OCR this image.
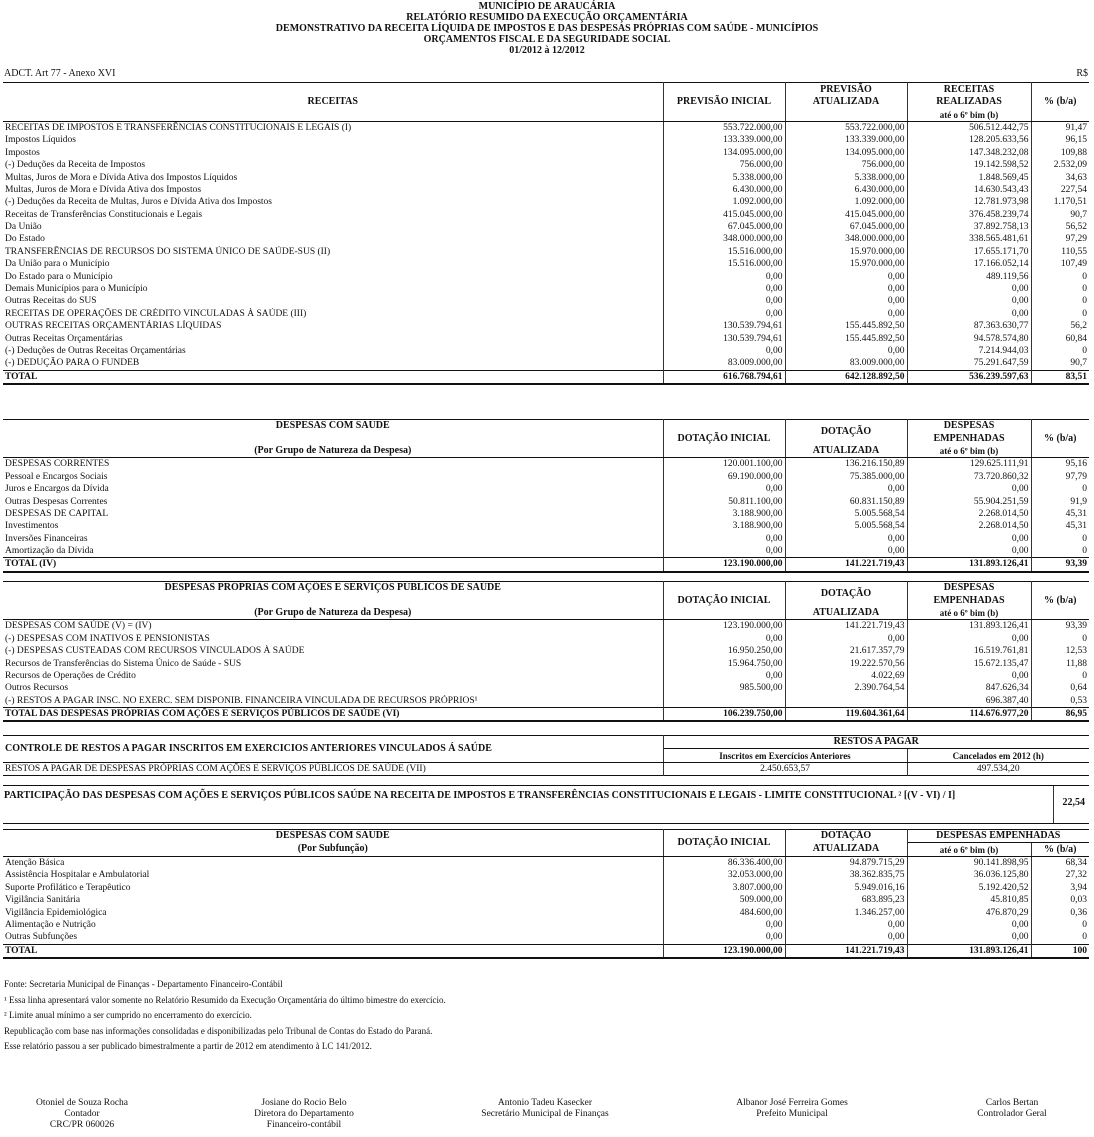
MUNICÍPIO DE ARAUCÁRIA
RELATÓRIO RESUMIDO DA EXECUÇÃO ORÇAMENTÁRIA
DEMONSTRATIVO DA RECEITA LÍQUIDA DE IMPOSTOS E DAS DESPESAS PRÓPRIAS COM SAÚDE - MUNICÍPIOS
ORÇAMENTOS FISCAL E DA SEGURIDADE SOCIAL
01/2012 à 12/2012
ADCT. Art 77 - Anexo XVI	R$
RECEITAS	PREVISÃO INICIAL	PREVISÃO	RECEITAS	% (b/a)
		ATUALIZADA	REALIZADAS	
			até o 6º bim (b)	
RECEITAS DE IMPOSTOS E TRANSFERÊNCIAS CONSTITUCIONAIS E LEGAIS (I)	553.722.000,00	553.722.000,00	506.512.442,75	91,47
Impostos Líquidos	133.339.000,00	133.339.000,00	128.205.633,56	96,15
Impostos	134.095.000,00	134.095.000,00	147.348.232,08	109,88
(-) Deduções da Receita de Impostos	756.000,00	756.000,00	19.142.598,52	2.532,09
Multas, Juros de Mora e Dívida Ativa dos Impostos Líquidos	5.338.000,00	5.338.000,00	1.848.569,45	34,63
Multas, Juros de Mora e Dívida Ativa dos Impostos	6.430.000,00	6.430.000,00	14.630.543,43	227,54
(-) Deduções da Receita de Multas, Juros e Dívida Ativa dos Impostos	1.092.000,00	1.092.000,00	12.781.973,98	1.170,51
Receitas de Transferências Constitucionais e Legais	415.045.000,00	415.045.000,00	376.458.239,74	90,7
Da União	67.045.000,00	67.045.000,00	37.892.758,13	56,52
Do Estado	348.000.000,00	348.000.000,00	338.565.481,61	97,29
TRANSFERÊNCIAS DE RECURSOS DO SISTEMA ÚNICO DE SAÚDE-SUS (II)	15.516.000,00	15.970.000,00	17.655.171,70	110,55
Da União para o Município	15.516.000,00	15.970.000,00	17.166.052,14	107,49
Do Estado para o Município	0,00	0,00	489.119,56	0
Demais Municípios para o Município	0,00	0,00	0,00	0
Outras Receitas do SUS	0,00	0,00	0,00	0
RECEITAS DE OPERAÇÕES DE CRÉDITO VINCULADAS À SAÚDE (III)	0,00	0,00	0,00	0
OUTRAS RECEITAS ORÇAMENTÁRIAS LÍQUIDAS	130.539.794,61	155.445.892,50	87.363.630,77	56,2
Outras Receitas Orçamentárias	130.539.794,61	155.445.892,50	94.578.574,80	60,84
(-) Deduções de Outras Receitas Orçamentárias	0,00	0,00	7.214.944,03	0
(-) DEDUÇÃO PARA O FUNDEB	83.009.000,00	83.009.000,00	75.291.647,59	90,7
TOTAL	616.768.794,61	642.128.892,50	536.239.597,63	83,51
DESPESAS COM SAÚDE	DOTAÇÃO INICIAL	DOTAÇÃO	DESPESAS	% (b/a)
			EMPENHADAS	
(Por Grupo de Natureza da Despesa)		ATUALIZADA	até o 6º bim (b)	
DESPESAS CORRENTES	120.001.100,00	136.216.150,89	129.625.111,91	95,16
Pessoal e Encargos Sociais	69.190.000,00	75.385.000,00	73.720.860,32	97,79
Juros e Encargos da Dívida	0,00	0,00	0,00	0
Outras Despesas Correntes	50.811.100,00	60.831.150,89	55.904.251,59	91,9
DESPESAS DE CAPITAL	3.188.900,00	5.005.568,54	2.268.014,50	45,31
Investimentos	3.188.900,00	5.005.568,54	2.268.014,50	45,31
Inversões Financeiras	0,00	0,00	0,00	0
Amortização da Dívida	0,00	0,00	0,00	0
TOTAL (IV)	123.190.000,00	141.221.719,43	131.893.126,41	93,39
DESPESAS PRÓPRIAS COM AÇÕES E SERVIÇOS PÚBLICOS DE SAÚDE	DOTAÇÃO INICIAL	DOTAÇÃO	DESPESAS	% (b/a)
			EMPENHADAS	
(Por Grupo de Natureza da Despesa)		ATUALIZADA	até o 6º bim (b)	
DESPESAS COM SAÚDE (V) = (IV)	123.190.000,00	141.221.719,43	131.893.126,41	93,39
(-) DESPESAS COM INATIVOS E PENSIONISTAS	0,00	0,00	0,00	0
(-) DESPESAS CUSTEADAS COM RECURSOS VINCULADOS À SAÚDE	16.950.250,00	21.617.357,79	16.519.761,81	12,53
Recursos de Transferências do Sistema Único de Saúde - SUS	15.964.750,00	19.222.570,56	15.672.135,47	11,88
Recursos de Operações de Crédito	0,00	4.022,69	0,00	0
Outros Recursos	985.500,00	2.390.764,54	847.626,34	0,64
(-) RESTOS A PAGAR INSC. NO EXERC. SEM DISPONIB. FINANCEIRA VINCULADA DE RECURSOS PRÓPRIOS¹			696.387,40	0,53
TOTAL DAS DESPESAS PRÓPRIAS COM AÇÕES E SERVIÇOS PÚBLICOS DE SAÚDE (VI)	106.239.750,00	119.604.361,64	114.676.977,20	86,95
CONTROLE DE RESTOS A PAGAR INSCRITOS EM EXERCICIOS ANTERIORES VINCULADOS Á SAÚDE	RESTOS A PAGAR	
	Inscritos em Exercícios Anteriores	Cancelados em 2012 (h)
RESTOS A PAGAR DE DESPESAS PRÓPRIAS COM AÇÕES E SERVIÇOS PÚBLICOS DE SAÚDE (VII)	2.450.653,57	497.534,20
PARTICIPAÇÃO DAS DESPESAS COM AÇÕES E SERVIÇOS PÚBLICOS SAÚDE NA RECEITA DE IMPOSTOS E TRANSFERÊNCIAS CONSTITUCIONAIS E LEGAIS - LIMITE CONSTITUCIONAL ² [(V - VI) / I]
22,54
DESPESAS COM SAÚDE	DOTAÇÃO INICIAL	DOTAÇÃO	DESPESAS EMPENHADAS	
(Por Subfunção)		ATUALIZADA	até o 6º bim (b)	% (b/a)
Atenção Básica	86.336.400,00	94.879.715,29	90.141.898,95	68,34
Assistência Hospitalar e Ambulatorial	32.053.000,00	38.362.835,75	36.036.125,80	27,32
Suporte Profilático e Terapêutico	3.807.000,00	5.949.016,16	5.192.420,52	3,94
Vigilância Sanitária	509.000,00	683.895,23	45.810,85	0,03
Vigilância Epidemiológica	484.600,00	1.346.257,00	476.870,29	0,36
Alimentação e Nutrição	0,00	0,00	0,00	0
Outras Subfunções	0,00	0,00	0,00	0
TOTAL	123.190.000,00	141.221.719,43	131.893.126,41	100
Fonte: Secretaria Municipal de Finanças - Departamento Financeiro-Contábil
¹ Essa linha apresentará valor somente no Relatório Resumido da Execução Orçamentária do último bimestre do exercício.
² Limite anual mínimo a ser cumprido no encerramento do exercício.
Republicação com base nas informações consolidadas e disponibilizadas pelo Tribunal de Contas do Estado do Paraná.
Esse relatório passou a ser publicado bimestralmente a partir de 2012 em atendimento à LC 141/2012.
Otoniel de Souza Rocha
Contador
CRC/PR 060026
Josiane do Rocio Belo
Diretora do Departamento
Financeiro-contábil
Antonio Tadeu Kasecker
Secretário Municipal de Finanças
Albanor José Ferreira Gomes
Prefeito Municipal
Carlos Bertan
Controlador Geral
